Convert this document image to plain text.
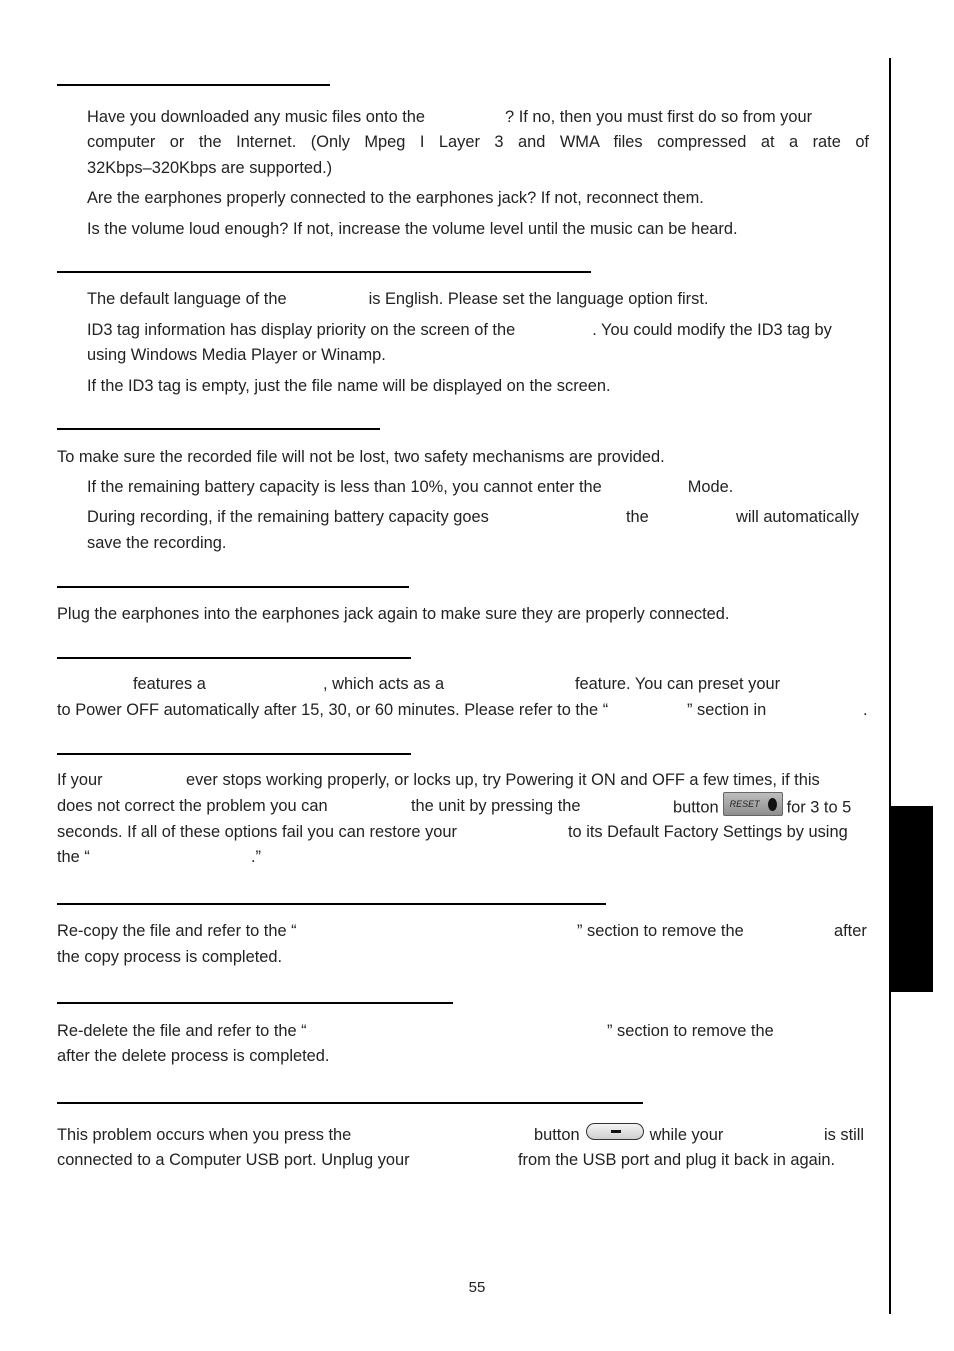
Have you downloaded any music files onto the	? If no, then you must first do so from your
computer or the Internet. (Only Mpeg I Layer 3 and WMA files compressed at a rate of
32Kbps–320Kbps are supported.)
Are the earphones properly connected to the earphones jack? If not, reconnect them.
Is the volume loud enough? If not, increase the volume level until the music can be heard.
The default language of the	is English. Please set the language option first.
ID3 tag information has display priority on the screen of the	. You could modify the ID3 tag by
using Windows Media Player or Winamp.
If the ID3 tag is empty, just the file name will be displayed on the screen.
To make sure the recorded file will not be lost, two safety mechanisms are provided.
If the remaining battery capacity is less than 10%, you cannot enter the	Mode.
During recording, if the remaining battery capacity goes	the	will automatically
save the recording.
Plug the earphones into the earphones jack again to make sure they are properly connected.
features a	, which acts as a	feature. You can preset your
to Power OFF automatically after 15, 30, or 60 minutes. Please refer to the “	” section in	.
If your	ever stops working properly, or locks up, try Powering it ON and OFF a few times, if this
does not correct the problem you can	the unit by pressing the	button RESET for 3 to 5
seconds. If all of these options fail you can restore your	to its Default Factory Settings by using
the “	.”
Re-copy the file and refer to the “	” section to remove the	after
the copy process is completed.
Re-delete the file and refer to the “	” section to remove the
after the delete process is completed.
This problem occurs when you press the	button	while your	is still
connected to a Computer USB port. Unplug your	from the USB port and plug it back in again.
55
